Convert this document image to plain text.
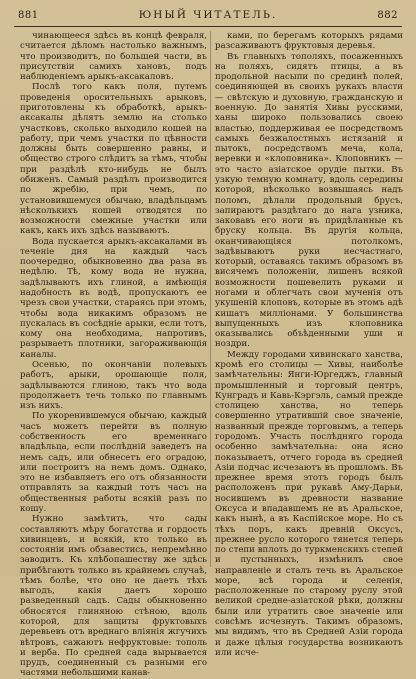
881	ЮНЫЙ ЧИТАТЕЛЬ.	882

чинающееся здѣсь въ концѣ февраля, считается дѣломъ настолько важнымъ, что производитъ, по большей части, въ присутствіи самихъ хановъ, подъ наблюденіемъ арыкъ-аксакаловъ.

Послѣ того какъ поля, путемъ проведенія оросительныхъ арыковъ, приготовлены къ обработкѣ, арыкъ-аксакалы дѣлятъ землю на столько участковъ, сколько выходило кошей на работу, при чемъ участки по цѣнности должны быть совершенно равны, и общество строго слѣдитъ за тѣмъ, чтобы при раздѣлѣ кто-нибудь не былъ обиженъ. Самый раздѣлъ производится по жребію, при чемъ, по установившемуся обычаю, владѣльцамъ нѣсколькихъ кошей отводятся по возможности смежные участки или какъ, какъ ихъ здѣсь называютъ.

Вода пускается арыкъ-аксакалами въ теченіе дня на каждый часъ поочередно, обыкновенно два раза въ недѣлю. Тѣ, кому вода не нужна, задѣлываютъ ихъ глиной, а имѣющія надобность въ водѣ, пропускаютъ ее чрезъ свои участки, стараясь при этомъ, чтобы вода никакимъ образомъ не пускалась въ сосѣдніе арыки, если тотъ, кому она необходима, напротивъ, разрываетъ плотники, загораживающія каналы.

Осенью, по окончаніи полевыхъ работъ, арыки, орошающіе поля, задѣлываются глиною, такъ что вода продолжаетъ течь только по главнымъ изъ нихъ.

По укоренившемуся обычаю, каждый часъ можетъ перейти въ полную собственность его временнаго владѣльца, если послѣдній заведетъ на немъ садъ, или обнесетъ его оградою, или построитъ на немъ домъ. Однако, это не избавляетъ его отъ обязанности отправлять за каждый тотъ часъ на общественныя работы всякій разъ по кошу.

Нужно замѣтить, что сады составляютъ мѣру богатства и гордость хивинцевъ, и всякій, кто только въ состояніи имъ обзавестись, непремѣнно заводитъ. Къ хлѣбопашеству же здѣсь прибѣгаютъ только въ крайнемъ случаѣ, тѣмъ болѣе, что оно не даетъ тѣхъ выгодъ, какія даетъ хорошо разведенный садъ. Сады обыкновенно обносятся глиняною стѣною, вдоль которой, для защиты фруктовыхъ деревьевъ отъ вреднаго вліянія жгучихъ вѣтровъ, сажаютъ нефруктовые: тополь и верба. По средней сада вырывается прудъ, соединенный съ разными его частями небольшими канав-

ками, по берегамъ которыхъ рядами разсаживаютъ фруктовыя деревья.

Въ главныхъ тополяхъ, посаженныхъ на поляхъ, сидятъ птицы, а въ продольной насыпи по срединѣ полей, соединяющей въ своихъ рукахъ власти — свѣтскую и духовную, гражданскую и военную. До занятія Хивы русскими, ханы широко пользовались своею властью, поддерживая ее посредствомъ самыхъ безжалостныхъ истязаній и пытокъ, посредствомъ меча, кола, веревки и «клоповника». Клоповникъ — это часто азіатское орудіе пытки. Въ узкую темную комнату, вдоль середины которой, нѣсколько возвышаясь надъ поломъ, дѣлали продольный брусъ, запираютъ раздѣтаго до нага узника, заковавъ его ноги въ придѣланные къ бруску кольца. Въ другія кольца, оканчивающіяся потолкомъ, задѣвываютъ руки несчастнаго, который, оставаясь такимъ образомъ въ висячемъ положеніи, лишенъ всякой возможности пошевелить руками и ногами и облегчать свои мученія отъ укушеній клоповъ, которые въ этомъ адѣ кишатъ милліонами. У большинства выпущенныхъ изъ клоповника оказывались объѣденными уши и ноздри.

Между городами хивинскаго ханства, кромѣ его столицы — Хивы, наиболѣе замѣчательны: Янги-Юргеджъ, главный промышленный и торговый центръ, Кунградъ и Кавь-Кэргэль, самый прежде столицею ханства, но теперь совершенно утратившій свое значеніе, названный прежде торговымъ, а теперь городомъ. Участь послѣдняго города особенно замѣчательна: она ясно показываетъ, отчего города въ средней Азіи подчас исчезаютъ въ прошломъ. Въ прежнее время этотъ городъ былъ расположенъ при рукавѣ Аму-Дарьи, носившемъ въ древности название Оксуса и впадавшемъ не въ Аральское, какъ нынѣ, а въ Каспійское море. Но съ тѣхъ поръ, какъ древній Оксусъ, прежнее русло которого тянется теперь по степи вплоть до туркменскихъ степей и пустынныхъ, измѣнилъ свое направленіе и сталъ течь въ Аральское море, всѣ города и селенія, расположенные по старому руслу этой великой средне-азіатской рѣки, должны были или утратить свое значеніе или совсѣмъ исчезнуть. Такимъ образомъ, мы видимъ, что въ Средней Азіи города и даже цѣлыя государства возникаютъ или исче-
